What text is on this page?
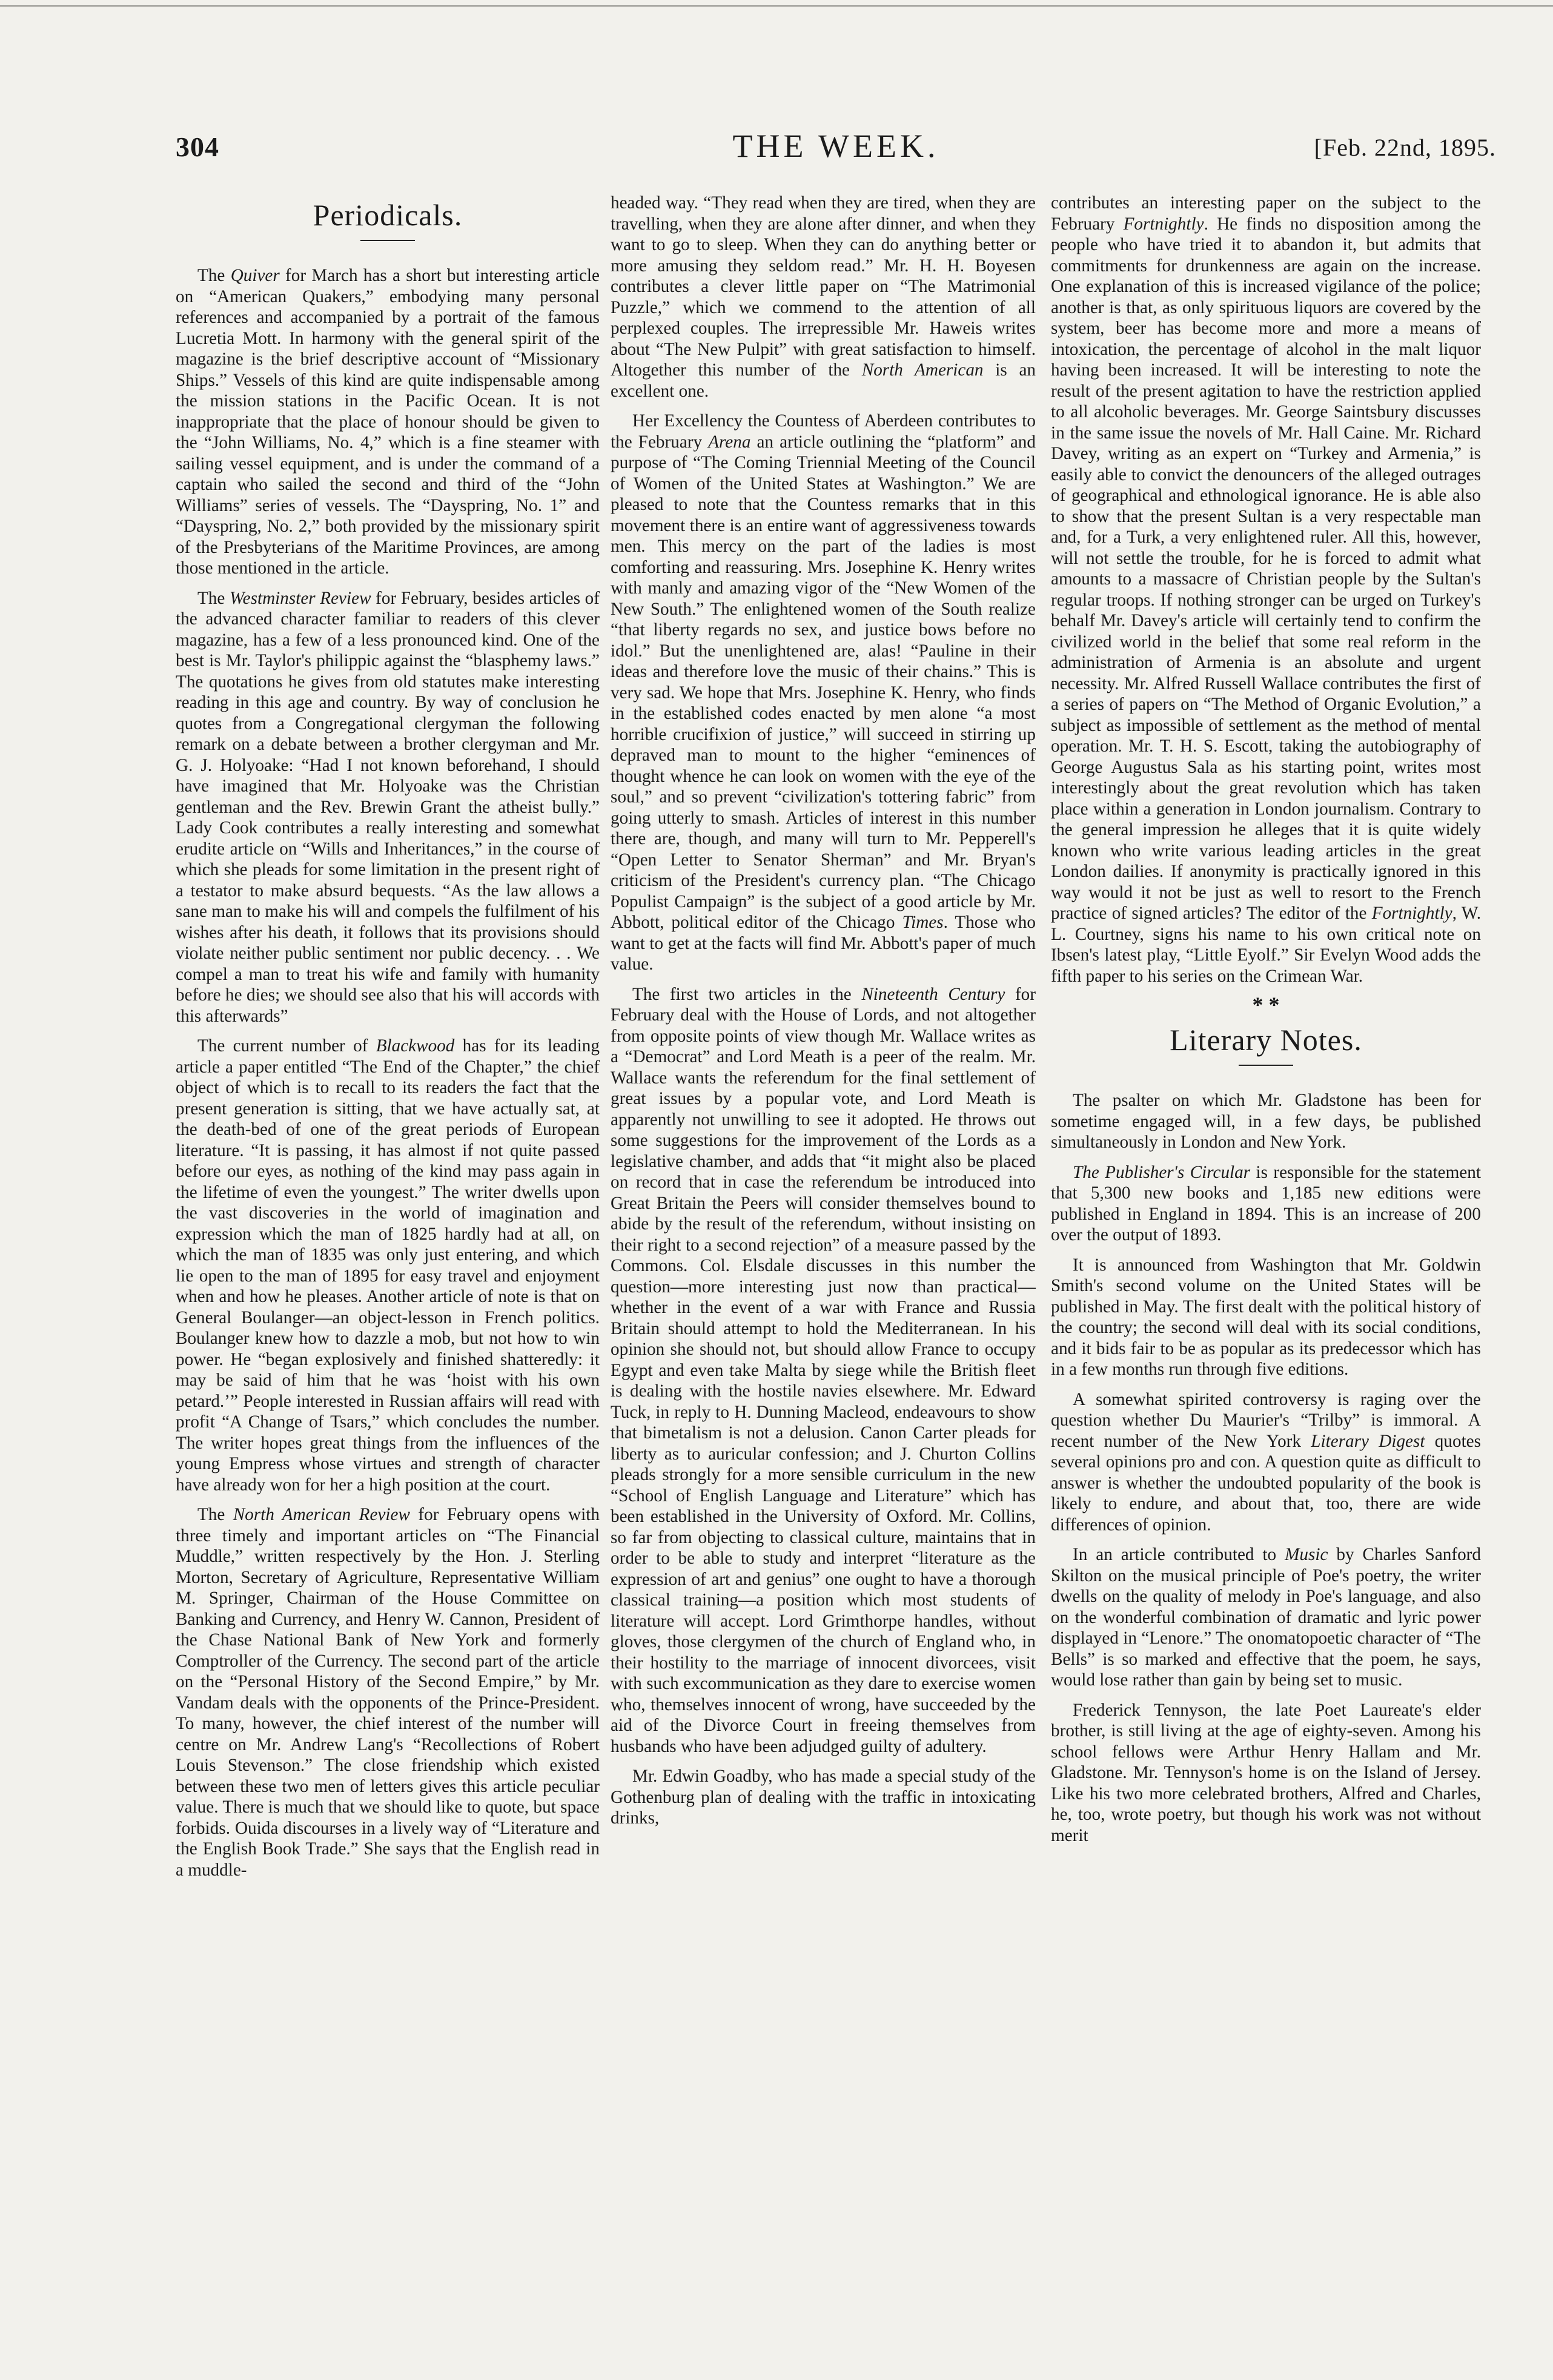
304	THE WEEK.	[Feb. 22nd, 1895.
Periodicals.

The Quiver for March has a short but interesting article on “American Quakers,” embodying many personal references and accompanied by a portrait of the famous Lucretia Mott. In harmony with the general spirit of the magazine is the brief descriptive account of “Missionary Ships.” Vessels of this kind are quite indispensable among the mission stations in the Pacific Ocean. It is not inappropriate that the place of honour should be given to the “John Williams, No. 4,” which is a fine steamer with sailing vessel equipment, and is under the command of a captain who sailed the second and third of the “John Williams” series of vessels. The “Dayspring, No. 1” and “Dayspring, No. 2,” both provided by the missionary spirit of the Presbyterians of the Maritime Provinces, are among those mentioned in the article.

The Westminster Review for February, besides articles of the advanced character familiar to readers of this clever magazine, has a few of a less pronounced kind. One of the best is Mr. Taylor's philippic against the “blasphemy laws.” The quotations he gives from old statutes make interesting reading in this age and country. By way of conclusion he quotes from a Congregational clergyman the following remark on a debate between a brother clergyman and Mr. G. J. Holyoake: “Had I not known beforehand, I should have imagined that Mr. Holyoake was the Christian gentleman and the Rev. Brewin Grant the atheist bully.” Lady Cook contributes a really interesting and somewhat erudite article on “Wills and Inheritances,” in the course of which she pleads for some limitation in the present right of a testator to make absurd bequests. “As the law allows a sane man to make his will and compels the fulfilment of his wishes after his death, it follows that its provisions should violate neither public sentiment nor public decency. . . We compel a man to treat his wife and family with humanity before he dies; we should see also that his will accords with this afterwards”

The current number of Blackwood has for its leading article a paper entitled “The End of the Chapter,” the chief object of which is to recall to its readers the fact that the present generation is sitting, that we have actually sat, at the death-bed of one of the great periods of European literature. “It is passing, it has almost if not quite passed before our eyes, as nothing of the kind may pass again in the lifetime of even the youngest.” The writer dwells upon the vast discoveries in the world of imagination and expression which the man of 1825 hardly had at all, on which the man of 1835 was only just entering, and which lie open to the man of 1895 for easy travel and enjoyment when and how he pleases. Another article of note is that on General Boulanger—an object-lesson in French politics. Boulanger knew how to dazzle a mob, but not how to win power. He “began explosively and finished shatteredly: it may be said of him that he was ‘hoist with his own petard.’” People interested in Russian affairs will read with profit “A Change of Tsars,” which concludes the number. The writer hopes great things from the influences of the young Empress whose virtues and strength of character have already won for her a high position at the court.

The North American Review for February opens with three timely and important articles on “The Financial Muddle,” written respectively by the Hon. J. Sterling Morton, Secretary of Agriculture, Representative William M. Springer, Chairman of the House Committee on Banking and Currency, and Henry W. Cannon, President of the Chase National Bank of New York and formerly Comptroller of the Currency. The second part of the article on the “Personal History of the Second Empire,” by Mr. Vandam deals with the opponents of the Prince-President. To many, however, the chief interest of the number will centre on Mr. Andrew Lang's “Recollections of Robert Louis Stevenson.” The close friendship which existed between these two men of letters gives this article peculiar value. There is much that we should like to quote, but space forbids. Ouida discourses in a lively way of “Literature and the English Book Trade.” She says that the English read in a muddle-

headed way. “They read when they are tired, when they are travelling, when they are alone after dinner, and when they want to go to sleep. When they can do anything better or more amusing they seldom read.” Mr. H. H. Boyesen contributes a clever little paper on “The Matrimonial Puzzle,” which we commend to the attention of all perplexed couples. The irrepressible Mr. Haweis writes about “The New Pulpit” with great satisfaction to himself. Altogether this number of the North American is an excellent one.

Her Excellency the Countess of Aberdeen contributes to the February Arena an article outlining the “platform” and purpose of “The Coming Triennial Meeting of the Council of Women of the United States at Washington.” We are pleased to note that the Countess remarks that in this movement there is an entire want of aggressiveness towards men. This mercy on the part of the ladies is most comforting and reassuring. Mrs. Josephine K. Henry writes with manly and amazing vigor of the “New Women of the New South.” The enlightened women of the South realize “that liberty regards no sex, and justice bows before no idol.” But the unenlightened are, alas! “Pauline in their ideas and therefore love the music of their chains.” This is very sad. We hope that Mrs. Josephine K. Henry, who finds in the established codes enacted by men alone “a most horrible crucifixion of justice,” will succeed in stirring up depraved man to mount to the higher “eminences of thought whence he can look on women with the eye of the soul,” and so prevent “civilization's tottering fabric” from going utterly to smash. Articles of interest in this number there are, though, and many will turn to Mr. Pepperell's “Open Letter to Senator Sherman” and Mr. Bryan's criticism of the President's currency plan. “The Chicago Populist Campaign” is the subject of a good article by Mr. Abbott, political editor of the Chicago Times. Those who want to get at the facts will find Mr. Abbott's paper of much value.

The first two articles in the Nineteenth Century for February deal with the House of Lords, and not altogether from opposite points of view though Mr. Wallace writes as a “Democrat” and Lord Meath is a peer of the realm. Mr. Wallace wants the referendum for the final settlement of great issues by a popular vote, and Lord Meath is apparently not unwilling to see it adopted. He throws out some suggestions for the improvement of the Lords as a legislative chamber, and adds that “it might also be placed on record that in case the referendum be introduced into Great Britain the Peers will consider themselves bound to abide by the result of the referendum, without insisting on their right to a second rejection” of a measure passed by the Commons. Col. Elsdale discusses in this number the question—more interesting just now than practical—whether in the event of a war with France and Russia Britain should attempt to hold the Mediterranean. In his opinion she should not, but should allow France to occupy Egypt and even take Malta by siege while the British fleet is dealing with the hostile navies elsewhere. Mr. Edward Tuck, in reply to H. Dunning Macleod, endeavours to show that bimetalism is not a delusion. Canon Carter pleads for liberty as to auricular confession; and J. Churton Collins pleads strongly for a more sensible curriculum in the new “School of English Language and Literature” which has been established in the University of Oxford. Mr. Collins, so far from objecting to classical culture, maintains that in order to be able to study and interpret “literature as the expression of art and genius” one ought to have a thorough classical training—a position which most students of literature will accept. Lord Grimthorpe handles, without gloves, those clergymen of the church of England who, in their hostility to the marriage of innocent divorcees, visit with such excommunication as they dare to exercise women who, themselves innocent of wrong, have succeeded by the aid of the Divorce Court in freeing themselves from husbands who have been adjudged guilty of adultery.

Mr. Edwin Goadby, who has made a special study of the Gothenburg plan of dealing with the traffic in intoxicating drinks,

contributes an interesting paper on the subject to the February Fortnightly. He finds no disposition among the people who have tried it to abandon it, but admits that commitments for drunkenness are again on the increase. One explanation of this is increased vigilance of the police; another is that, as only spirituous liquors are covered by the system, beer has become more and more a means of intoxication, the percentage of alcohol in the malt liquor having been increased. It will be interesting to note the result of the present agitation to have the restriction applied to all alcoholic beverages. Mr. George Saintsbury discusses in the same issue the novels of Mr. Hall Caine. Mr. Richard Davey, writing as an expert on “Turkey and Armenia,” is easily able to convict the denouncers of the alleged outrages of geographical and ethnological ignorance. He is able also to show that the present Sultan is a very respectable man and, for a Turk, a very enlightened ruler. All this, however, will not settle the trouble, for he is forced to admit what amounts to a massacre of Christian people by the Sultan's regular troops. If nothing stronger can be urged on Turkey's behalf Mr. Davey's article will certainly tend to confirm the civilized world in the belief that some real reform in the administration of Armenia is an absolute and urgent necessity. Mr. Alfred Russell Wallace contributes the first of a series of papers on “The Method of Organic Evolution,” a subject as impossible of settlement as the method of mental operation. Mr. T. H. S. Escott, taking the autobiography of George Augustus Sala as his starting point, writes most interestingly about the great revolution which has taken place within a generation in London journalism. Contrary to the general impression he alleges that it is quite widely known who write various leading articles in the great London dailies. If anonymity is practically ignored in this way would it not be just as well to resort to the French practice of signed articles? The editor of the Fortnightly, W. L. Courtney, signs his name to his own critical note on Ibsen's latest play, “Little Eyolf.” Sir Evelyn Wood adds the fifth paper to his series on the Crimean War.

* *
Literary Notes.

The psalter on which Mr. Gladstone has been for sometime engaged will, in a few days, be published simultaneously in London and New York.

The Publisher's Circular is responsible for the statement that 5,300 new books and 1,185 new editions were published in England in 1894. This is an increase of 200 over the output of 1893.

It is announced from Washington that Mr. Goldwin Smith's second volume on the United States will be published in May. The first dealt with the political history of the country; the second will deal with its social conditions, and it bids fair to be as popular as its predecessor which has in a few months run through five editions.

A somewhat spirited controversy is raging over the question whether Du Maurier's “Trilby” is immoral. A recent number of the New York Literary Digest quotes several opinions pro and con. A question quite as difficult to answer is whether the undoubted popularity of the book is likely to endure, and about that, too, there are wide differences of opinion.

In an article contributed to Music by Charles Sanford Skilton on the musical principle of Poe's poetry, the writer dwells on the quality of melody in Poe's language, and also on the wonderful combination of dramatic and lyric power displayed in “Lenore.” The onomatopoetic character of “The Bells” is so marked and effective that the poem, he says, would lose rather than gain by being set to music.

Frederick Tennyson, the late Poet Laureate's elder brother, is still living at the age of eighty-seven. Among his school fellows were Arthur Henry Hallam and Mr. Gladstone. Mr. Tennyson's home is on the Island of Jersey. Like his two more celebrated brothers, Alfred and Charles, he, too, wrote poetry, but though his work was not without merit
